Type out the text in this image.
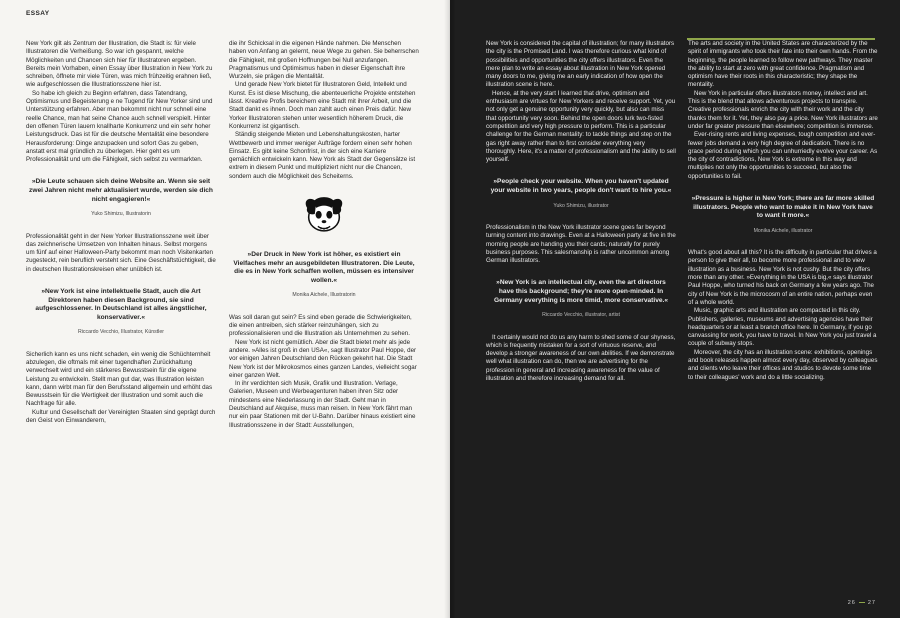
ESSAY

New York gilt als Zentrum der Illustration, die Stadt is: für viele Illustratoren die Verheißung. So war ich gespannt, welche Möglichkeiten und Chancen sich hier für Illustratoren ergeben. Bereits mein Vorhaben, einen Essay über Illustration in New York zu schreiben, öffnete mir viele Türen, was mich frühzeitig erahnen ließ, wie aufgeschlossen die Illustrationsszene hier ist.

So habe ich gleich zu Beginn erfahren, dass Tatendrang, Optimismus und Begeisterung e ne Tugend für New Yorker sind und Unterstützung erfahren. Aber man bekommt nicht nur schnell eine reelle Chance, man hat seine Chance auch schnell verspielt. Hinter den offenen Türen lauern knallharte Konkurrenz und ein sehr hoher Leistungsdruck. Das ist für die deutsche Mentalität eine besondere Herausforderung: Dinge anzupacken und sofort Gas zu geben, anstatt erst mal gründlich zu überlegen. Hier geht es um Professionalität und um die Fähigkeit, sich selbst zu vermarkten.

»Die Leute schauen sich deine Website an. Wenn sie seit zwei Jahren nicht mehr aktualisiert wurde, werden sie dich nicht engagieren!«
Yuko Shimizu, Illustratorin

Professionalität geht in der New Yorker Illustrationsszene weit über das zeichnerische Umsetzen von Inhalten hinaus. Selbst morgens um fünf auf einer Halloween-Party bekommt man noch Visitenkarten zugesteckt, rein beruflich versteht sich. Eine Geschäftstüchtigkeit, die in deutschen Illustrationskreisen eher unüblich ist.

»New York ist eine intellektuelle Stadt, auch die Art Direktoren haben diesen Background, sie sind aufgeschlossener. In Deutschland ist alles ängstlicher, konservativer.«
Riccardo Vecchio, Illustrator, Künstler

Sicherlich kann es uns nicht schaden, ein wenig die Schüchternheit abzulegen, die oftmals mit einer tugendhaften Zurückhaltung verwechselt wird und ein stärkeres Bewusstsein für die eigene Leistung zu entwickeln. Stellt man gut dar, was Illustration leisten kann, dann wirbt man für den Berufsstand allgemein und erhöht das Bewusstsein für die Wertigkeit der Illustration und somit auch die Nachfrage für alle.

Kultur und Gesellschaft der Vereinigten Staaten sind geprägt durch den Geist von Einwanderern,

die ihr Schicksal in die eigenen Hände nahmen. Die Menschen haben von Anfang an gelernt, neue Wege zu gehen. Sie beherrschen die Fähigkeit, mit großen Hoffnungen bei Null anzufangen. Pragmatismus und Optimismus haben in dieser Eigenschaft ihre Wurzeln, sie prägen die Mentalität.

Und gerade New York bietet für Illustratoren Geld, Intellekt und Kunst. Es ist diese Mischung, die abenteuerliche Projekte entstehen lässt. Kreative Profis bereichern eine Stadt mit ihrer Arbeit, und die Stadt dankt es ihnen. Doch man zahlt auch einen Preis dafür. New Yorker Illustratoren stehen unter wesentlich höherem Druck, die Konkurrenz ist gigantisch.

Ständig steigende Mieten und Lebenshaltungskosten, harter Wettbewerb und immer weniger Aufträge fordern einen sehr hohen Einsatz. Es gibt keine Schonfrist, in der sich eine Karriere gemächlich entwickeln kann. New York als Stadt der Gegensätze ist extrem in diesem Punkt und multipliziert nicht nur die Chancen, sondern auch die Möglichkeit des Scheiterns.

»Der Druck in New York ist höher, es existiert ein Vielfaches mehr an ausgebildeten Illustratoren. Die Leute, die es in New York schaffen wollen, müssen es intensiver wollen.«
Monika Aichele, Illustratorin

Was soll daran gut sein? Es sind eben gerade die Schwierigkeiten, die einen antreiben, sich stärker reinzuhängen, sich zu professionalisieren und die Illustration als Unternehmen zu sehen.

New York ist nicht gemütlich. Aber die Stadt bietet mehr als jede andere. »Alles ist groß in den USA«, sagt Illustrator Paul Hoppe, der vor einigen Jahren Deutschland den Rücken gekehrt hat. Die Stadt New York ist der Mikrokosmos eines ganzen Landes, vielleicht sogar einer ganzen Welt.

In ihr verdichten sich Musik, Grafik und Illustration. Verlage, Galerien, Museen und Werbeagenturen haben ihren Sitz oder mindestens eine Niederlassung in der Stadt. Geht man in Deutschland auf Akquise, muss man reisen. In New York fährt man nur ein paar Stationen mit der U-Bahn. Darüber hinaus existiert eine Illustrationsszene in der Stadt: Ausstellungen,

New York is considered the capital of illustration; for many illustrators the city is the Promised Land. I was therefore curious what kind of possibilities and opportunities the city offers illustrators. Even the mere plan to write an essay about illustration in New York opened many doors to me, giving me an early indication of how open the illustration scene is here.

Hence, at the very start I learned that drive, optimism and enthusiasm are virtues for New Yorkers and receive support. Yet, you not only get a genuine opportunity very quickly, but also can miss that opportunity very soon. Behind the open doors lurk two-fisted competition and very high pressure to perform. This is a particular challenge for the German mentality: to tackle things and step on the gas right away rather than to first consider everything very thoroughly. Here, it's a matter of professionalism and the ability to sell yourself.

»People check your website. When you haven't updated your website in two years, people don't want to hire you.«
Yuko Shimizu, illustrator

Professionalism in the New York illustrator scene goes far beyond turning content into drawings. Even at a Halloween party at five in the morning people are handing you their cards; naturally for purely business purposes. This salesmanship is rather uncommon among German illustrators.

»New York is an intellectual city, even the art directors have this background; they're more open-minded. In Germany everything is more timid, more conservative.«
Riccardo Vecchio, illustrator, artist

It certainly would not do us any harm to shed some of our shyness, which is frequently mistaken for a sort of virtuous reserve, and develop a stronger awareness of our own abilities. If we demonstrate well what illustration can do, then we are advertising for the profession in general and increasing awareness for the value of illustration and therefore increasing demand for all.

The arts and society in the United States are characterized by the spirit of immigrants who took their fate into their own hands. From the beginning, the people learned to follow new pathways. They master the ability to start at zero with great confidence. Pragmatism and optimism have their roots in this characteristic; they shape the mentality.

New York in particular offers illustrators money, intellect and art. This is the blend that allows adventurous projects to transpire. Creative professionals enrich the city with their work and the city thanks them for it. Yet, they also pay a price. New York illustrators are under far greater pressure than elsewhere; competition is immense.

Ever-rising rents and living expenses, tough competition and ever-fewer jobs demand a very high degree of dedication. There is no grace period during which you can unhurriedly evolve your career. As the city of contradictions, New York is extreme in this way and multiplies not only the opportunities to succeed, but also the opportunities to fail.

»Pressure is higher in New York; there are far more skilled illustrators. People who want to make it in New York have to want it more.«
Monika Aichele, illustrator

What's good about all this? It is the difficulty in particular that drives a person to give their all, to become more professional and to view illustration as a business. New York is not cushy. But the city offers more than any other. »Everything in the USA is big,« says illustrator Paul Hoppe, who turned his back on Germany a few years ago. The city of New York is the microcosm of an entire nation, perhaps even of a whole world.

Music, graphic arts and illustration are compacted in this city. Publishers, galleries, museums and advertising agencies have their headquarters or at least a branch office here. In Germany, if you go canvassing for work, you have to travel. In New York you just travel a couple of subway stops.

Moreover, the city has an illustration scene: exhibitions, openings and book releases happen almost every day, observed by colleagues and clients who leave their offices and studios to devote some time to their colleagues' work and do a little socializing.

26 27
